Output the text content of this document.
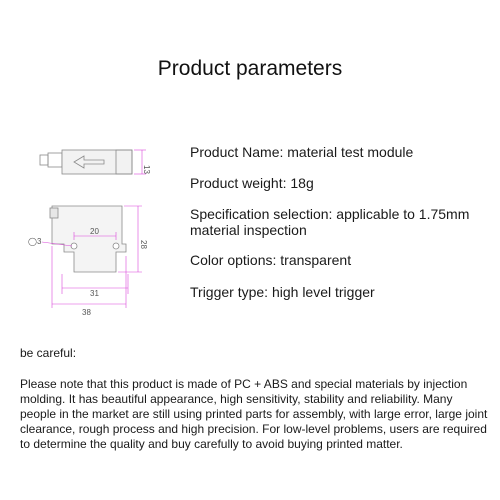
Product parameters
13
◯3
20
28
31
38

Product Name: material test module

Product weight: 18g

Specification selection: applicable to 1.75mm material inspection

Color options: transparent

Trigger type: high level trigger

be careful:

Please note that this product is made of PC + ABS and special materials by injection molding. It has beautiful appearance, high sensitivity, stability and reliability. Many people in the market are still using printed parts for assembly, with large error, large joint clearance, rough process and high precision. For low-level problems, users are required to determine the quality and buy carefully to avoid buying printed matter.
